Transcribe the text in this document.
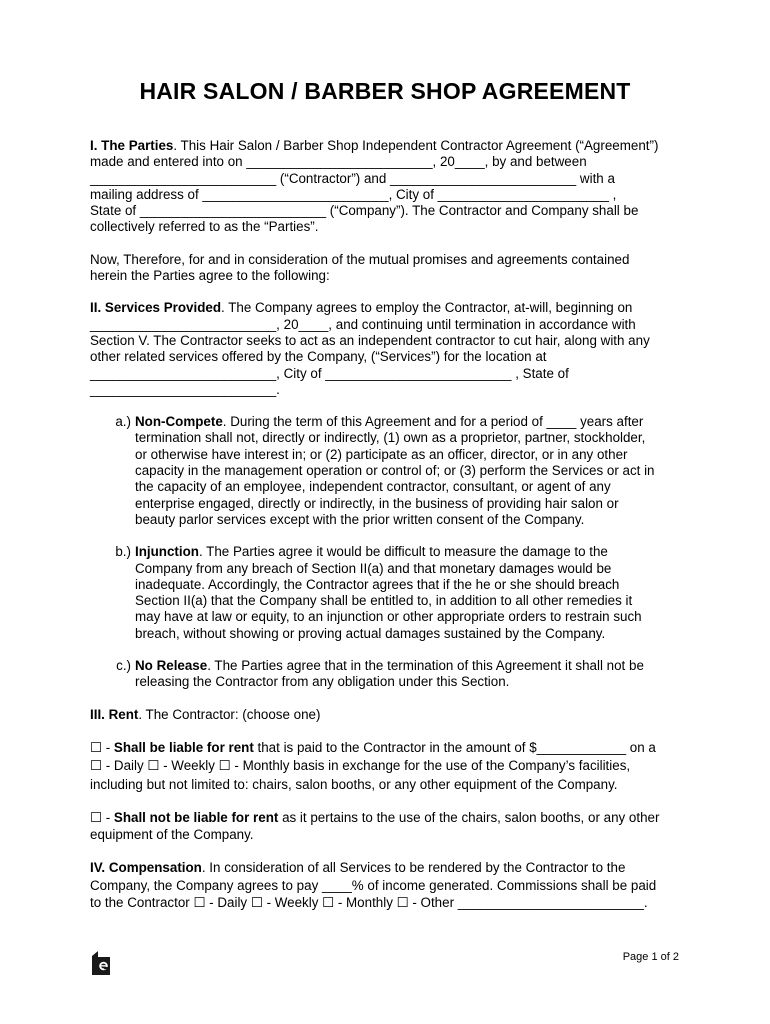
HAIR SALON / BARBER SHOP AGREEMENT

I. The Parties. This Hair Salon / Barber Shop Independent Contractor Agreement (“Agreement”)
made and entered into on _________________________, 20____, by and between
_________________________ (“Contractor”) and _________________________ with a
mailing address of _________________________, City of _______________________ ,
State of _________________________ (“Company”). The Contractor and Company shall be
collectively referred to as the “Parties”.

Now, Therefore, for and in consideration of the mutual promises and agreements contained
herein the Parties agree to the following:

II. Services Provided. The Company agrees to employ the Contractor, at-will, beginning on
_________________________, 20____, and continuing until termination in accordance with
Section V. The Contractor seeks to act as an independent contractor to cut hair, along with any
other related services offered by the Company, (“Services”) for the location at
_________________________, City of _________________________ , State of
_________________________.

a.) Non-Compete. During the term of this Agreement and for a period of ____ years after
termination shall not, directly or indirectly, (1) own as a proprietor, partner, stockholder,
or otherwise have interest in; or (2) participate as an officer, director, or in any other
capacity in the management operation or control of; or (3) perform the Services or act in
the capacity of an employee, independent contractor, consultant, or agent of any
enterprise engaged, directly or indirectly, in the business of providing hair salon or
beauty parlor services except with the prior written consent of the Company.
b.) Injunction. The Parties agree it would be difficult to measure the damage to the
Company from any breach of Section II(a) and that monetary damages would be
inadequate. Accordingly, the Contractor agrees that if the he or she should breach
Section II(a) that the Company shall be entitled to, in addition to all other remedies it
may have at law or equity, to an injunction or other appropriate orders to restrain such
breach, without showing or proving actual damages sustained by the Company.
c.) No Release. The Parties agree that in the termination of this Agreement it shall not be
releasing the Contractor from any obligation under this Section.

III. Rent. The Contractor: (choose one)

☐ - Shall be liable for rent that is paid to the Contractor in the amount of $____________ on a
☐ - Daily ☐ - Weekly ☐ - Monthly basis in exchange for the use of the Company’s facilities,
including but not limited to: chairs, salon booths, or any other equipment of the Company.

☐ - Shall not be liable for rent as it pertains to the use of the chairs, salon booths, or any other
equipment of the Company.

IV. Compensation. In consideration of all Services to be rendered by the Contractor to the
Company, the Company agrees to pay ____% of income generated. Commissions shall be paid
to the Contractor ☐ - Daily ☐ - Weekly ☐ - Monthly ☐ - Other _________________________.

Page 1 of 2
